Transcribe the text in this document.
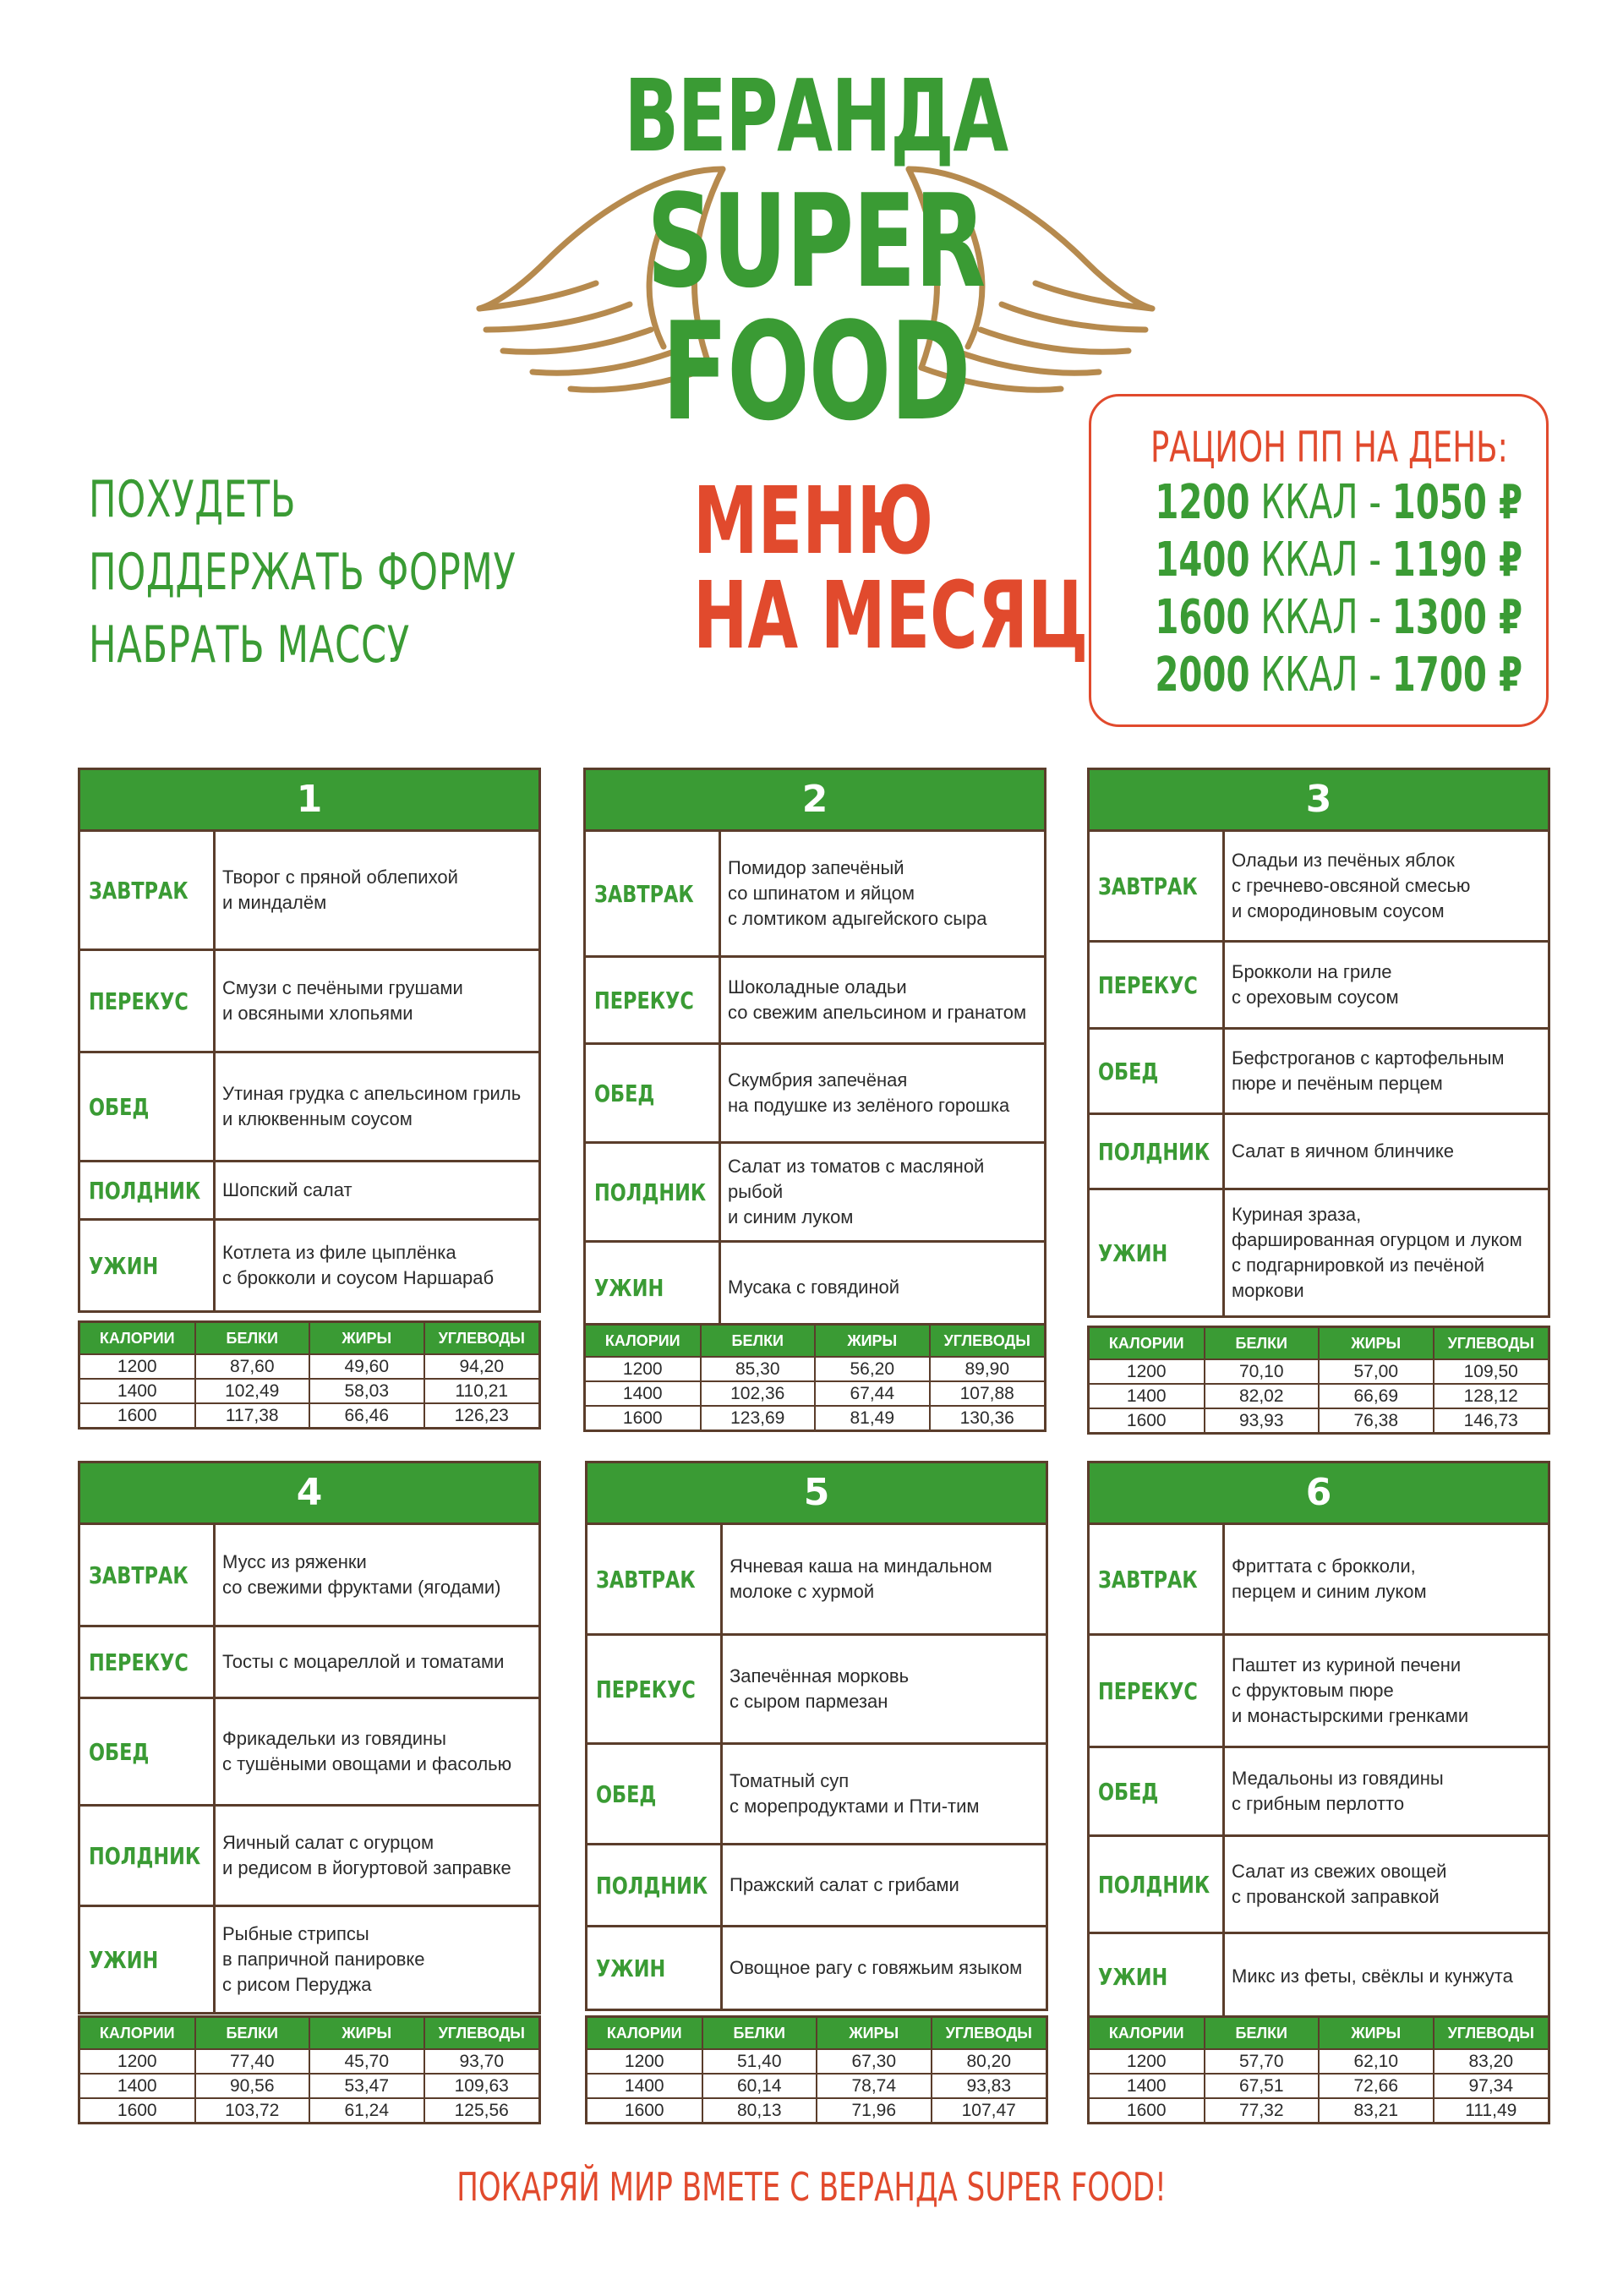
ВЕРАНДА
SUPER
FOOD
ПОХУДЕТЬ
ПОДДЕРЖАТЬ ФОРМУ
НАБРАТЬ МАССУ
МЕНЮ
НА МЕСЯЦ
РАЦИОН ПП НА ДЕНЬ:
1200 ККАЛ - 1050 ₽
1400 ККАЛ - 1190 ₽
1600 ККАЛ - 1300 ₽
2000 ККАЛ - 1700 ₽
1
ЗАВТРАК	Творог с пряной облепихой
и миндалём
ПЕРЕКУС	Смузи с печёными грушами
и овсяными хлопьями
ОБЕД	Утиная грудка с апельсином гриль
и клюквенным соусом
ПОЛДНИК	Шопский салат
УЖИН	Котлета из филе цыплёнка
с брокколи и соусом Наршараб
КАЛОРИИ	БЕЛКИ	ЖИРЫ	УГЛЕВОДЫ
1200	87,60	49,60	94,20
1400	102,49	58,03	110,21
1600	117,38	66,46	126,23
2
ЗАВТРАК
Помидор запечёный
со шпинатом и яйцом
с ломтиком адыгейского сыра
ПЕРЕКУС	Шоколадные оладьи
со свежим апельсином и гранатом
ОБЕД	Скумбрия запечёная
на подушке из зелёного горошка
ПОЛДНИК
Салат из томатов с масляной рыбой
и синим луком
УЖИН	Мусака с говядиной
КАЛОРИИ	БЕЛКИ	ЖИРЫ	УГЛЕВОДЫ
1200	85,30	56,20	89,90
1400	102,36	67,44	107,88
1600	123,69	81,49	130,36
3
ЗАВТРАК
Оладьи из печёных яблок
с гречнево-овсяной смесью
и смородиновым соусом
ПЕРЕКУС	Брокколи на гриле
с ореховым соусом
ОБЕД	Бефстроганов с картофельным
пюре и печёным перцем
ПОЛДНИК	Салат в яичном блинчике
УЖИН
Куриная зраза,
фаршированная огурцом и луком
с подгарнировкой из печёной
моркови
КАЛОРИИ	БЕЛКИ	ЖИРЫ	УГЛЕВОДЫ
1200	70,10	57,00	109,50
1400	82,02	66,69	128,12
1600	93,93	76,38	146,73
4
ЗАВТРАК	Мусс из ряженки
со свежими фруктами (ягодами)
ПЕРЕКУС	Тосты с моцареллой и томатами
ОБЕД	Фрикадельки из говядины
с тушёными овощами и фасолью
ПОЛДНИК	Яичный салат с огурцом
и редисом в йогуртовой заправке
УЖИН
Рыбные стрипсы
в папричной панировке
с рисом Перуджа
КАЛОРИИ	БЕЛКИ	ЖИРЫ	УГЛЕВОДЫ
1200	77,40	45,70	93,70
1400	90,56	53,47	109,63
1600	103,72	61,24	125,56
5
ЗАВТРАК	Ячневая каша на миндальном
молоке с хурмой
ПЕРЕКУС	Запечённая морковь
с сыром пармезан
ОБЕД	Томатный суп
с морепродуктами и Пти-тим
ПОЛДНИК	Пражский салат с грибами
УЖИН	Овощное рагу с говяжьим языком
КАЛОРИИ	БЕЛКИ	ЖИРЫ	УГЛЕВОДЫ
1200	51,40	67,30	80,20
1400	60,14	78,74	93,83
1600	80,13	71,96	107,47
6
ЗАВТРАК	Фриттата с брокколи,
перцем и синим луком
ПЕРЕКУС
Паштет из куриной печени
с фруктовым пюре
и монастырскими гренками
ОБЕД	Медальоны из говядины
с грибным перлотто
ПОЛДНИК	Салат из свежих овощей
с прованской заправкой
УЖИН	Микс из феты, свёклы и кунжута
КАЛОРИИ	БЕЛКИ	ЖИРЫ	УГЛЕВОДЫ
1200	57,70	62,10	83,20
1400	67,51	72,66	97,34
1600	77,32	83,21	111,49
ПОКАРЯЙ МИР ВМЕТЕ С ВЕРАНДА SUPER FOOD!
